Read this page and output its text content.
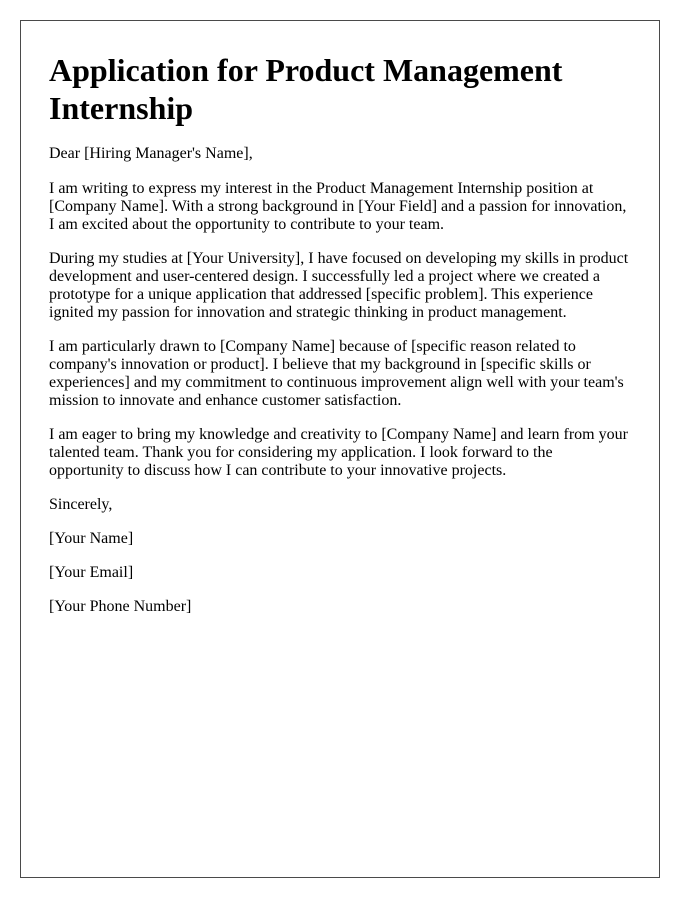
Application for Product Management Internship

Dear [Hiring Manager's Name],

I am writing to express my interest in the Product Management Internship position at [Company Name]. With a strong background in [Your Field] and a passion for innovation, I am excited about the opportunity to contribute to your team.

During my studies at [Your University], I have focused on developing my skills in product development and user-centered design. I successfully led a project where we created a prototype for a unique application that addressed [specific problem]. This experience ignited my passion for innovation and strategic thinking in product management.

I am particularly drawn to [Company Name] because of [specific reason related to company's innovation or product]. I believe that my background in [specific skills or experiences] and my commitment to continuous improvement align well with your team's mission to innovate and enhance customer satisfaction.

I am eager to bring my knowledge and creativity to [Company Name] and learn from your talented team. Thank you for considering my application. I look forward to the opportunity to discuss how I can contribute to your innovative projects.

Sincerely,

[Your Name]

[Your Email]

[Your Phone Number]
